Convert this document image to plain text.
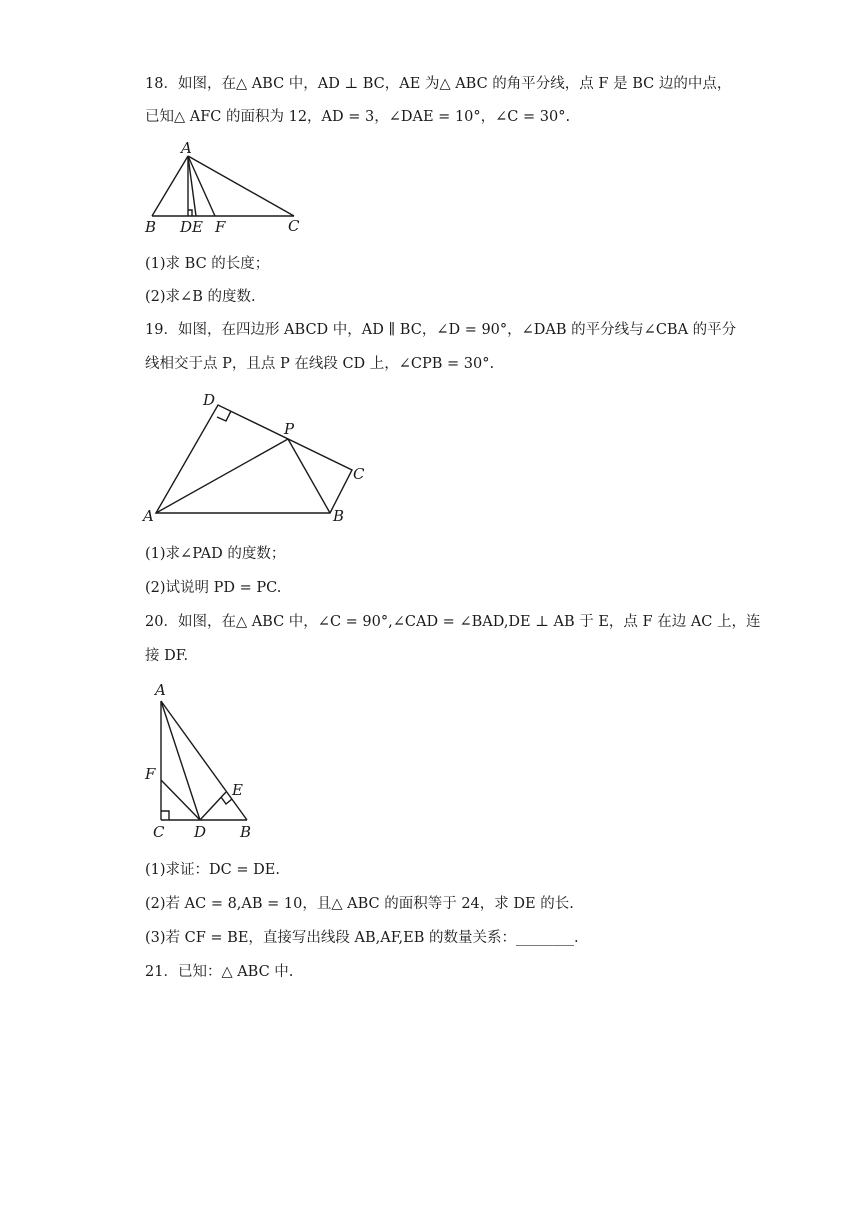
18．如图，在△ ABC 中，AD ⊥ BC，AE 为△ ABC 的角平分线，点 F 是 BC 边的中点，
已知△ AFC 的面积为 12，AD = 3，∠DAE = 10°，∠C = 30°.
A
B D E F	C
(1)求 BC 的长度；
(2)求∠B 的度数.
19．如图，在四边形 ABCD 中，AD ∥ BC，∠D = 90°，∠DAB 的平分线与∠CBA 的平分
线相交于点 P，且点 P 在线段 CD 上，∠CPB = 30°.
D
P
C
A	B
(1)求∠PAD 的度数；
(2)试说明 PD = PC.
20．如图，在△ ABC 中，∠C = 90°,∠CAD = ∠BAD,DE ⊥ AB 于 E，点 F 在边 AC 上，连
接 DF.
A
F
E
C D B
(1)求证：DC = DE.
(2)若 AC = 8,AB = 10，且△ ABC 的面积等于 24，求 DE 的长.
(3)若 CF = BE，直接写出线段 AB,AF,EB 的数量关系：________.
21．已知：△ ABC 中.
